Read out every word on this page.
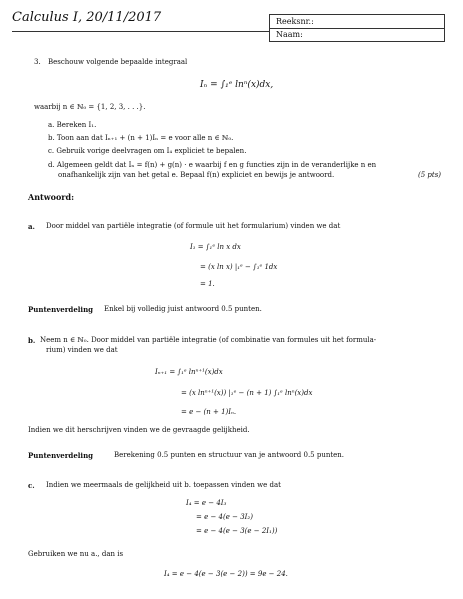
Calculus I, 20/11/2017	Reeksnr.:
Naam:
3. Beschouw volgende bepaalde integraal
Iₙ = ∫₁ᵉ lnⁿ(x)dx,
waarbij n ∈ ℕ₀ = {1, 2, 3, . . .}.
a. Bereken I₁.
b. Toon aan dat Iₙ₊₁ + (n + 1)Iₙ = e voor alle n ∈ ℕ₀.
c. Gebruik vorige deelvragen om I₄ expliciet te bepalen.
d. Algemeen geldt dat Iₙ = f(n) + g(n) · e waarbij f en g functies zijn in de veranderlijke n en
onafhankelijk zijn van het getal e. Bepaal f(n) expliciet en bewijs je antwoord.	(5 pts)
Antwoord:
a. Door middel van partiële integratie (of formule uit het formularium) vinden we dat
I₁ = ∫₁ᵉ ln x dx
= (x ln x) |₁ᵉ − ∫₁ᵉ 1dx
= 1.
Puntenverdeling Enkel bij volledig juist antwoord 0.5 punten.
b. Neem n ∈ ℕ₀. Door middel van partiële integratie (of combinatie van formules uit het formula-
rium) vinden we dat
Iₙ₊₁ = ∫₁ᵉ lnⁿ⁺¹(x)dx
= (x lnⁿ⁺¹(x)) |₁ᵉ − (n + 1) ∫₁ᵉ lnⁿ(x)dx
= e − (n + 1)Iₙ.
Indien we dit herschrijven vinden we de gevraagde gelijkheid.
Puntenverdeling	Berekening 0.5 punten en structuur van je antwoord 0.5 punten.
c. Indien we meermaals de gelijkheid uit b. toepassen vinden we dat
I₄ = e − 4I₃
= e − 4(e − 3I₂)
= e − 4(e − 3(e − 2I₁))
Gebruiken we nu a., dan is
I₄ = e − 4(e − 3(e − 2)) = 9e − 24.
